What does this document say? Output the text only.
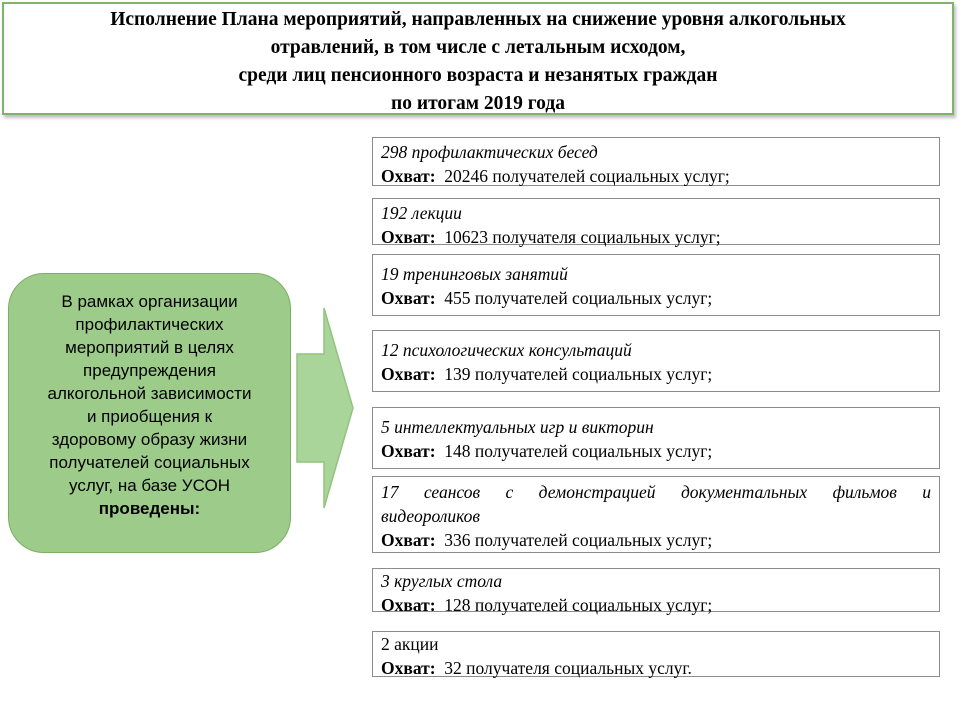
Исполнение Плана мероприятий, направленных на снижение уровня алкогольных
отравлений, в том числе с летальным исходом,
среди лиц пенсионного возраста и незанятых граждан
по итогам 2019 года
В рамках организации
профилактических
мероприятий в целях
предупреждения
алкогольной зависимости
и приобщения к
здоровому образу жизни
получателей социальных
услуг, на базе УСОН
проведены:
298 профилактических бесед
Охват: 20246 получателей социальных услуг;
192 лекции
Охват: 10623 получателя социальных услуг;
19 тренинговых занятий
Охват: 455 получателей социальных услуг;
12 психологических консультаций
Охват: 139 получателей социальных услуг;
5 интеллектуальных игр и викторин
Охват: 148 получателей социальных услуг;
17 сеансов с демонстрацией документальных фильмов и
видеороликов
Охват: 336 получателей социальных услуг;
3 круглых стола
Охват: 128 получателей социальных услуг;
2 акции
Охват: 32 получателя социальных услуг.
